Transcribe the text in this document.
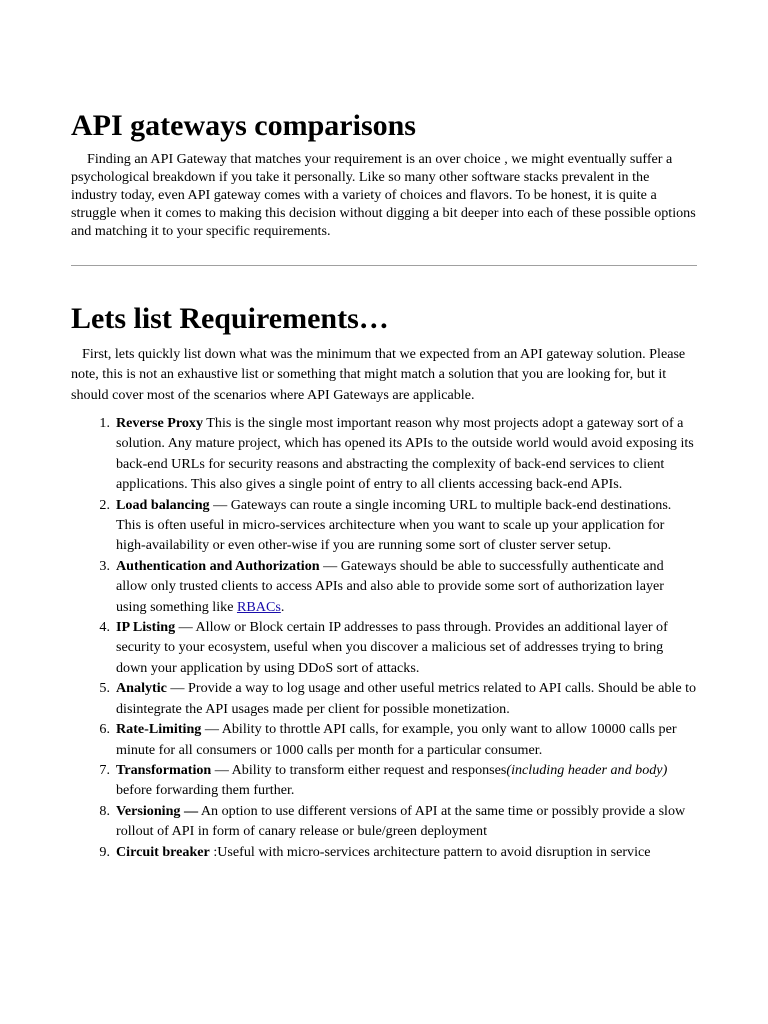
API gateways comparisons

Finding an API Gateway that matches your requirement is an over choice , we might eventually suffer a psychological breakdown if you take it personally. Like so many other software stacks prevalent in the industry today, even API gateway comes with a variety of choices and flavors. To be honest, it is quite a struggle when it comes to making this decision without digging a bit deeper into each of these possible options and matching it to your specific requirements.

Lets list Requirements…

First, lets quickly list down what was the minimum that we expected from an API gateway solution. Please note, this is not an exhaustive list or something that might match a solution that you are looking for, but it should cover most of the scenarios where API Gateways are applicable.

1. Reverse Proxy This is the single most important reason why most projects adopt a gateway sort of a solution. Any mature project, which has opened its APIs to the outside world would avoid exposing its back-end URLs for security reasons and abstracting the complexity of back-end services to client applications. This also gives a single point of entry to all clients accessing back-end APIs.
2. Load balancing — Gateways can route a single incoming URL to multiple back-end destinations. This is often useful in micro-services architecture when you want to scale up your application for high-availability or even other-wise if you are running some sort of cluster server setup.
3. Authentication and Authorization — Gateways should be able to successfully authenticate and allow only trusted clients to access APIs and also able to provide some sort of authorization layer using something like RBACs.
4. IP Listing — Allow or Block certain IP addresses to pass through. Provides an additional layer of security to your ecosystem, useful when you discover a malicious set of addresses trying to bring down your application by using DDoS sort of attacks.
5. Analytic — Provide a way to log usage and other useful metrics related to API calls. Should be able to disintegrate the API usages made per client for possible monetization.
6. Rate-Limiting — Ability to throttle API calls, for example, you only want to allow 10000 calls per minute for all consumers or 1000 calls per month for a particular consumer.
7. Transformation — Ability to transform either request and responses(including header and body) before forwarding them further.
8. Versioning — An option to use different versions of API at the same time or possibly provide a slow rollout of API in form of canary release or bule/green deployment
9. Circuit breaker :Useful with micro-services architecture pattern to avoid disruption in service
